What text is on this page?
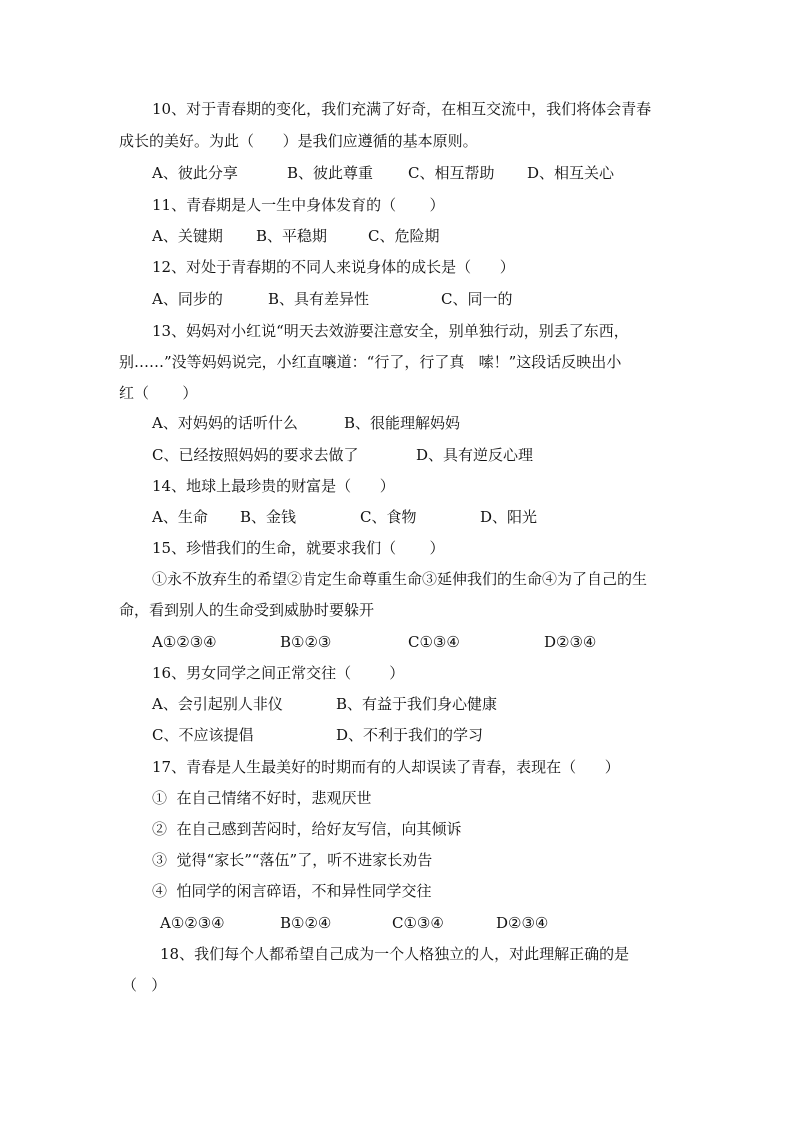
10、对于青春期的变化，我们充满了好奇，在相互交流中，我们将体会青春
成长的美好。为此（      ）是我们应遵循的基本原则。
A、彼此分享	B、彼此尊重 C、相互帮助 D、相互关心
11、青春期是人一生中身体发育的（       ）
A、关键期 B、平稳期	C、危险期
12、对处于青春期的不同人来说身体的成长是（      ）
A、同步的	B、具有差异性	C、同一的
13、妈妈对小红说“明天去效游要注意安全，别单独行动，别丢了东西，
别……”没等妈妈说完，小红直嚷道：“行了，行了真   嗦！”这段话反映出小
红（       ）
A、对妈妈的话听什么	B、很能理解妈妈
C、已经按照妈妈的要求去做了	D、具有逆反心理
14、地球上最珍贵的财富是（      ）
A、生命 B、金钱	C、食物	D、阳光
15、珍惜我们的生命，就要求我们（       ）
①永不放弃生的希望②肯定生命尊重生命③延伸我们的生命④为了自己的生
命，看到别人的生命受到威胁时要躲开
A①②③④	B①②③	C①③④	D②③④
16、男女同学之间正常交往（        ）
A、会引起别人非仪	B、有益于我们身心健康
C、不应该提倡	D、不利于我们的学习
17、青春是人生最美好的时期而有的人却误读了青春，表现在（      ）
①  在自己情绪不好时，悲观厌世
②  在自己感到苦闷时，给好友写信，向其倾诉
③  觉得“家长”“落伍”了，听不进家长劝告
④  怕同学的闲言碎语，不和异性同学交往
A①②③④	B①②④	C①③④	D②③④
18、我们每个人都希望自己成为一个人格独立的人，对此理解正确的是
（   ）
